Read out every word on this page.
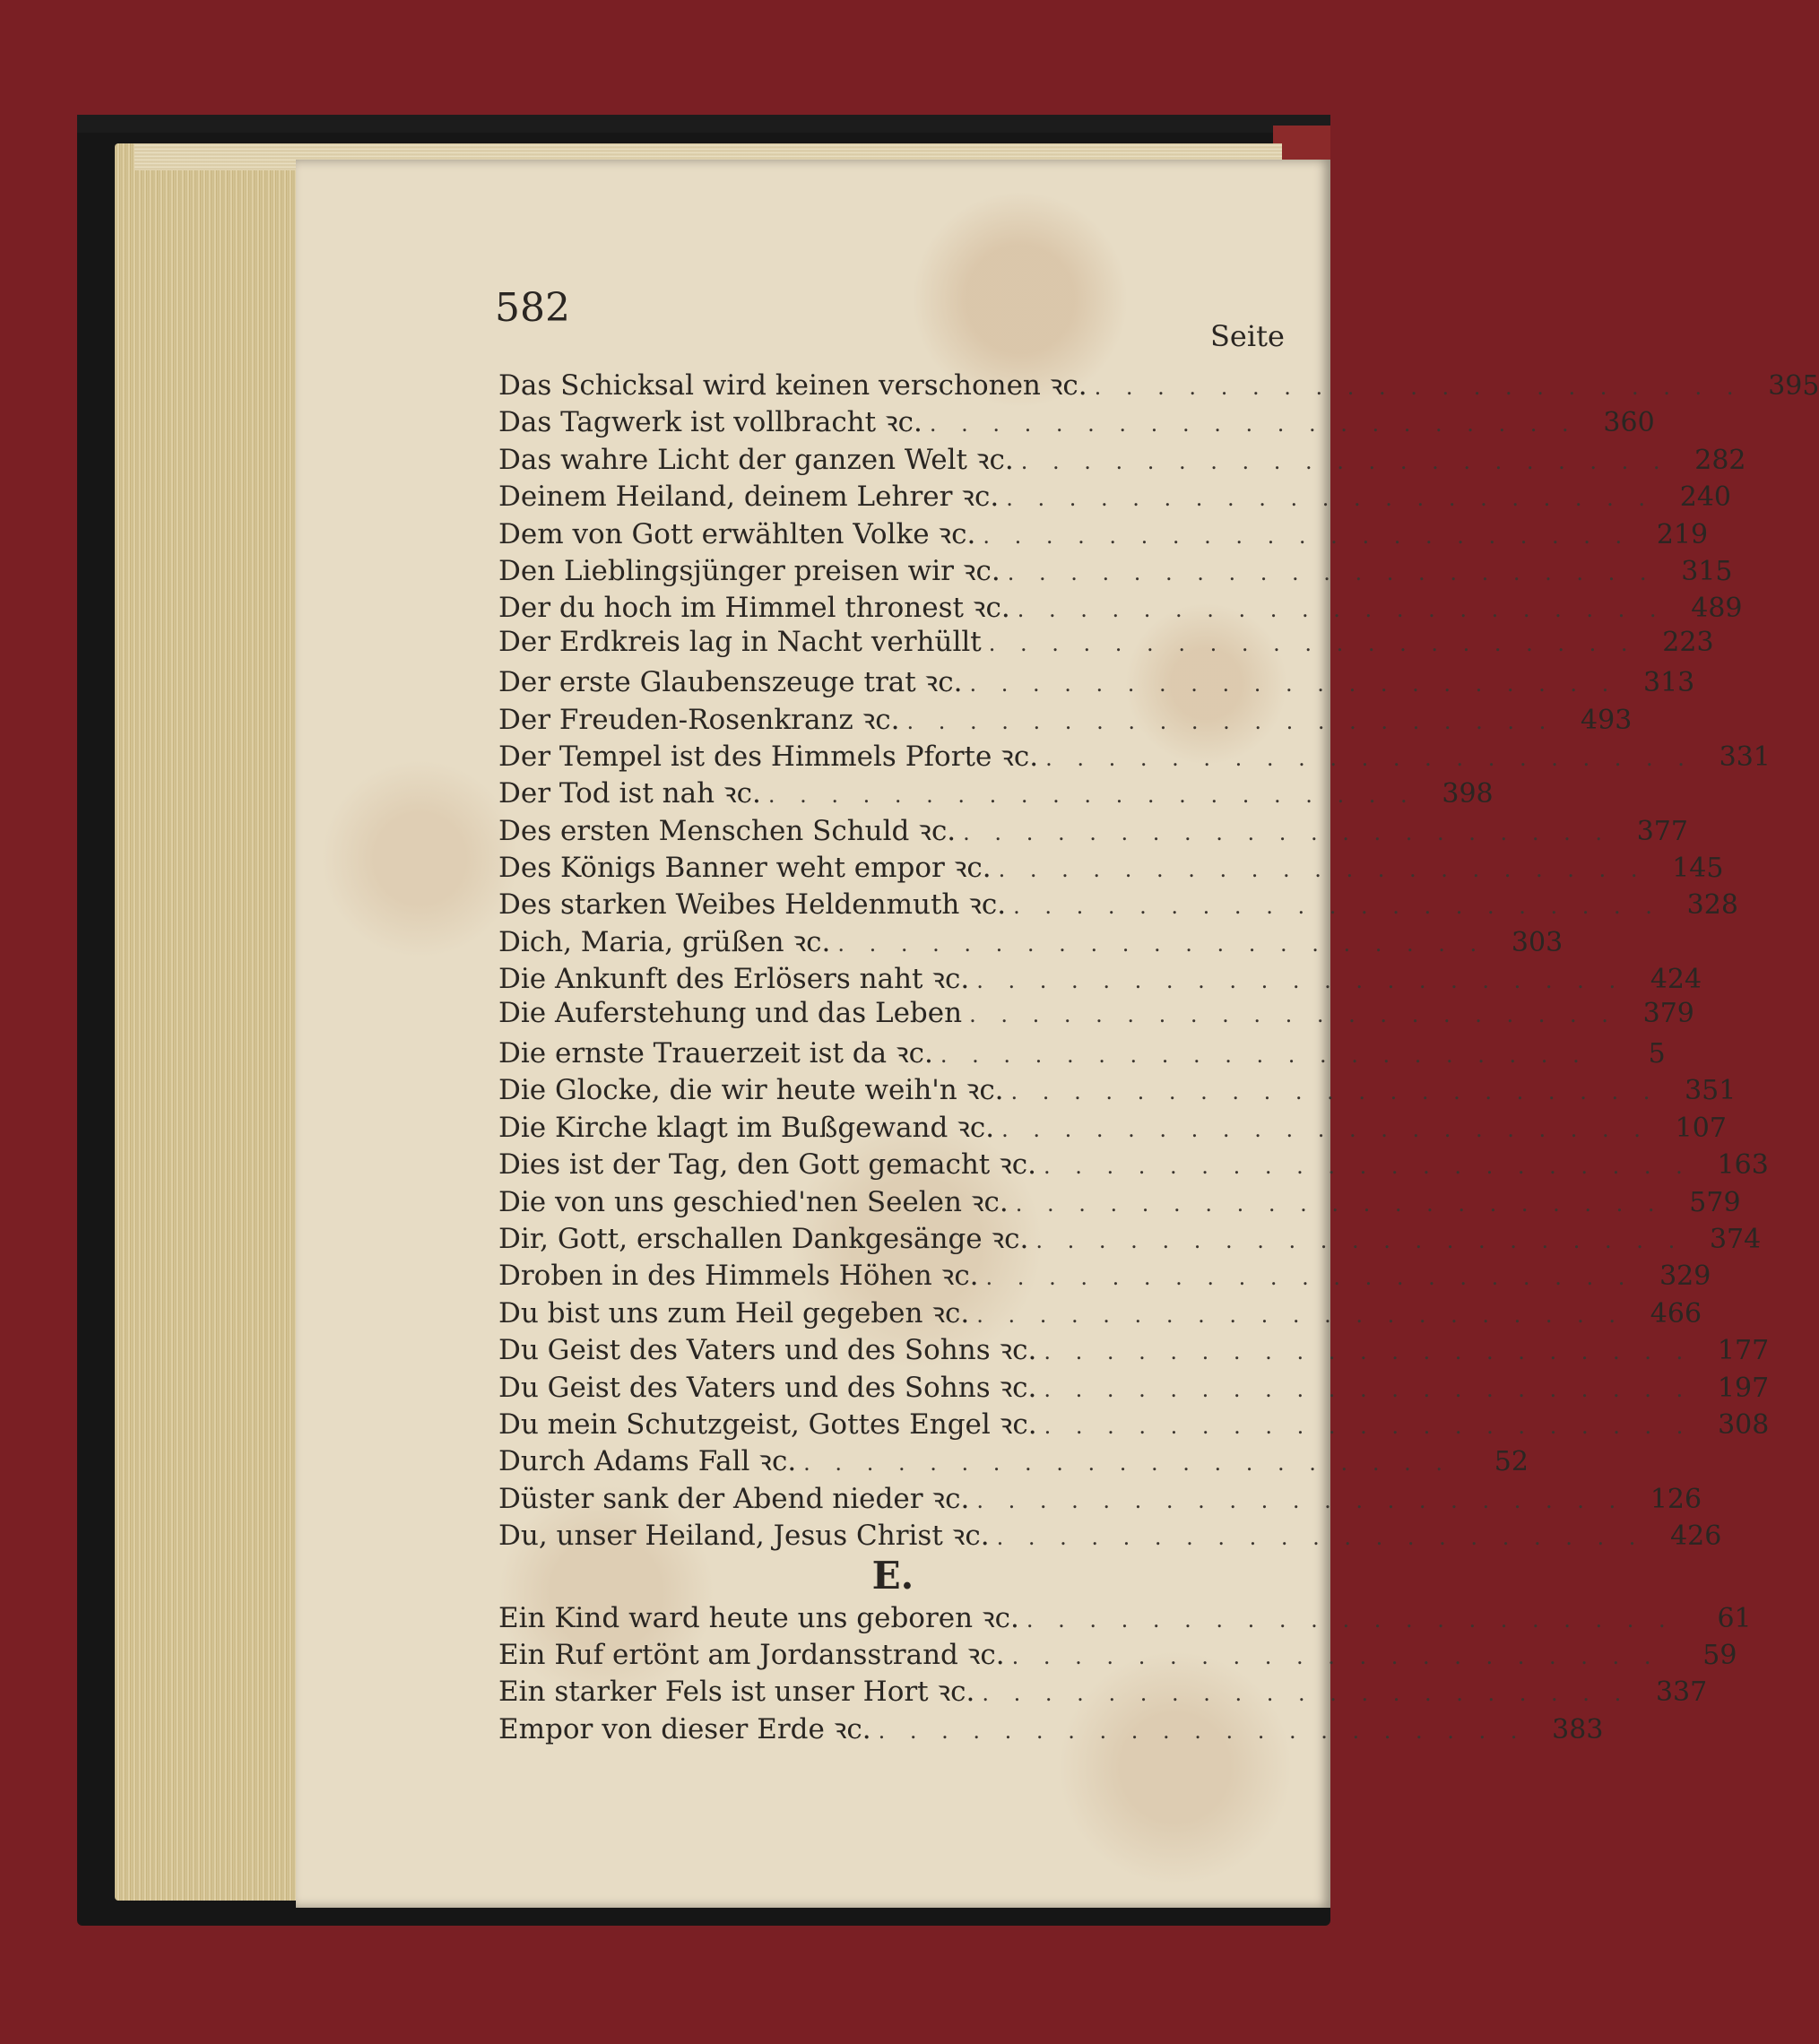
582
Seite
Das Schicksal wird keinen verschonen ꝛc. . . . . . . . . . . . . . . . . . . . . . 395
Das Tagwerk ist vollbracht ꝛc. . . . . . . . . . . . . . . . . . . . . . 360
Das wahre Licht der ganzen Welt ꝛc. . . . . . . . . . . . . . . . . . . . . . 282
Deinem Heiland, deinem Lehrer ꝛc. . . . . . . . . . . . . . . . . . . . . . 240
Dem von Gott erwählten Volke ꝛc. . . . . . . . . . . . . . . . . . . . . . 219
Den Lieblingsjünger preisen wir ꝛc. . . . . . . . . . . . . . . . . . . . . . 315
Der du hoch im Himmel thronest ꝛc. . . . . . . . . . . . . . . . . . . . . . 489
Der Erdkreis lag in Nacht verhüllt . . . . . . . . . . . . . . . . . . . . . 223
Der erste Glaubenszeuge trat ꝛc. . . . . . . . . . . . . . . . . . . . . . 313
Der Freuden-Rosenkranz ꝛc. . . . . . . . . . . . . . . . . . . . . . 493
Der Tempel ist des Himmels Pforte ꝛc. . . . . . . . . . . . . . . . . . . . . . 331
Der Tod ist nah ꝛc. . . . . . . . . . . . . . . . . . . . . . 398
Des ersten Menschen Schuld ꝛc. . . . . . . . . . . . . . . . . . . . . . 377
Des Königs Banner weht empor ꝛc. . . . . . . . . . . . . . . . . . . . . . 145
Des starken Weibes Heldenmuth ꝛc. . . . . . . . . . . . . . . . . . . . . . 328
Dich, Maria, grüßen ꝛc. . . . . . . . . . . . . . . . . . . . . . 303
Die Ankunft des Erlösers naht ꝛc. . . . . . . . . . . . . . . . . . . . . . 424
Die Auferstehung und das Leben . . . . . . . . . . . . . . . . . . . . . 379
Die ernste Trauerzeit ist da ꝛc. . . . . . . . . . . . . . . . . . . . . .	5
Die Glocke, die wir heute weih'n ꝛc. . . . . . . . . . . . . . . . . . . . . . 351
Die Kirche klagt im Bußgewand ꝛc. . . . . . . . . . . . . . . . . . . . . . 107
Dies ist der Tag, den Gott gemacht ꝛc. . . . . . . . . . . . . . . . . . . . . . 163
Die von uns geschied'nen Seelen ꝛc. . . . . . . . . . . . . . . . . . . . . . 579
Dir, Gott, erschallen Dankgesänge ꝛc. . . . . . . . . . . . . . . . . . . . . . 374
Droben in des Himmels Höhen ꝛc. . . . . . . . . . . . . . . . . . . . . . 329
Du bist uns zum Heil gegeben ꝛc. . . . . . . . . . . . . . . . . . . . . . 466
Du Geist des Vaters und des Sohns ꝛc. . . . . . . . . . . . . . . . . . . . . . 177
Du Geist des Vaters und des Sohns ꝛc. . . . . . . . . . . . . . . . . . . . . . 197
Du mein Schutzgeist, Gottes Engel ꝛc. . . . . . . . . . . . . . . . . . . . . . 308
Durch Adams Fall ꝛc. . . . . . . . . . . . . . . . . . . . . .	52
Düster sank der Abend nieder ꝛc. . . . . . . . . . . . . . . . . . . . . . 126
Du, unser Heiland, Jesus Christ ꝛc. . . . . . . . . . . . . . . . . . . . . . 426
E.
Ein Kind ward heute uns geboren ꝛc. . . . . . . . . . . . . . . . . . . . . .	61
Ein Ruf ertönt am Jordansstrand ꝛc. . . . . . . . . . . . . . . . . . . . . .	59
Ein starker Fels ist unser Hort ꝛc. . . . . . . . . . . . . . . . . . . . . . 337
Empor von dieser Erde ꝛc. . . . . . . . . . . . . . . . . . . . . . 383
